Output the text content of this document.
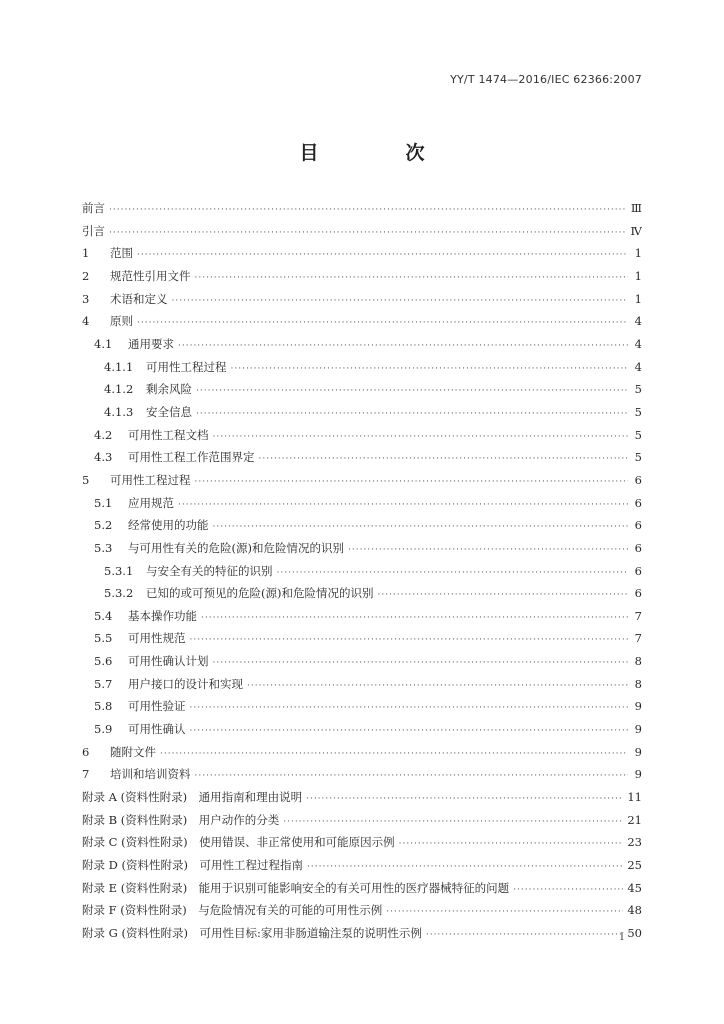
YY/T 1474—2016/IEC 62366:2007
目　次
前言 ·····	Ⅲ
引言 ·····	Ⅳ
1	范围 ·····	1
2	规范性引用文件 ·····	1
3	术语和定义 ·····	1
4	原则 ·····	4
4.1	通用要求 ·····	4
4.1.1	可用性工程过程 ·····	4
4.1.2	剩余风险 ·····	5
4.1.3	安全信息 ·····	5
4.2	可用性工程文档 ·····	5
4.3	可用性工程工作范围界定 ·····	5
5	可用性工程过程 ·····	6
5.1	应用规范 ·····	6
5.2	经常使用的功能 ·····	6
5.3	与可用性有关的危险(源)和危险情况的识别 ·····	6
5.3.1	与安全有关的特征的识别 ·····	6
5.3.2	已知的或可预见的危险(源)和危险情况的识别 ·····	6
5.4	基本操作功能 ·····	7
5.5	可用性规范 ·····	7
5.6	可用性确认计划 ·····	8
5.7	用户接口的设计和实现 ·····	8
5.8	可用性验证 ·····	9
5.9	可用性确认 ·····	9
6	随附文件 ·····	9
7	培训和培训资料 ·····	9
附录 A (资料性附录)　通用指南和理由说明 ·····	11
附录 B (资料性附录)　用户动作的分类 ·····	21
附录 C (资料性附录)　使用错误、非正常使用和可能原因示例 ·····	23
附录 D (资料性附录)　可用性工程过程指南 ·····	25
附录 E (资料性附录)　能用于识别可能影响安全的有关可用性的医疗器械特征的问题 ·····	45
附录 F (资料性附录)　与危险情况有关的可能的可用性示例 ·····	48
附录 G (资料性附录)　可用性目标:家用非肠道输注泵的说明性示例 ·····	50
I
